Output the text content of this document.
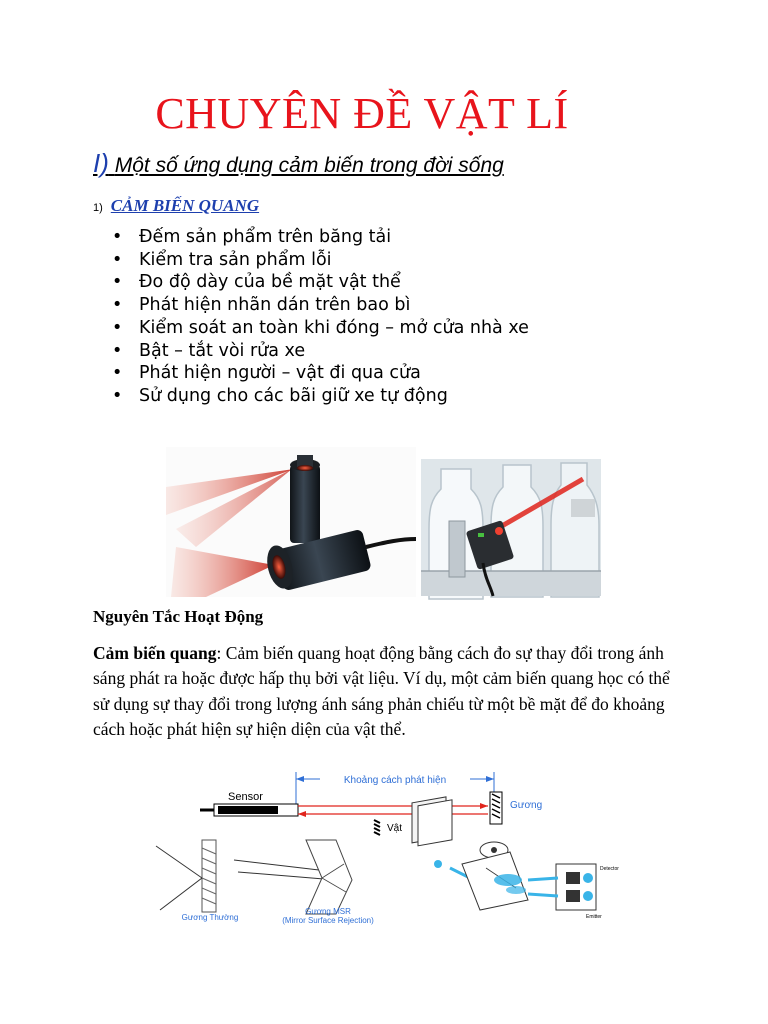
CHUYÊN ĐỀ VẬT LÍ
I) Một số ứng dụng cảm biến trong đời sống
1) CẢM BIẾN QUANG
• Đếm sản phẩm trên băng tải
• Kiểm tra sản phẩm lỗi
• Đo độ dày của bề mặt vật thể
• Phát hiện nhãn dán trên bao bì
• Kiểm soát an toàn khi đóng – mở cửa nhà xe
• Bật – tắt vòi rửa xe
• Phát hiện người – vật đi qua cửa
• Sử dụng cho các bãi giữ xe tự động
Nguyên Tắc Hoạt Động
Cảm biến quang: Cảm biến quang hoạt động bằng cách đo sự thay đổi trong ánh sáng phát ra hoặc được hấp thụ bởi vật liệu. Ví dụ, một cảm biến quang học có thể sử dụng sự thay đổi trong lượng ánh sáng phản chiếu từ một bề mặt để đo khoảng cách hoặc phát hiện sự hiện diện của vật thể.
Khoảng cách phát hiện
Sensor
Gương
Vật
Gương Thường
Gương MSR
(Mirror Surface Rejection)
Detector
Emitter
